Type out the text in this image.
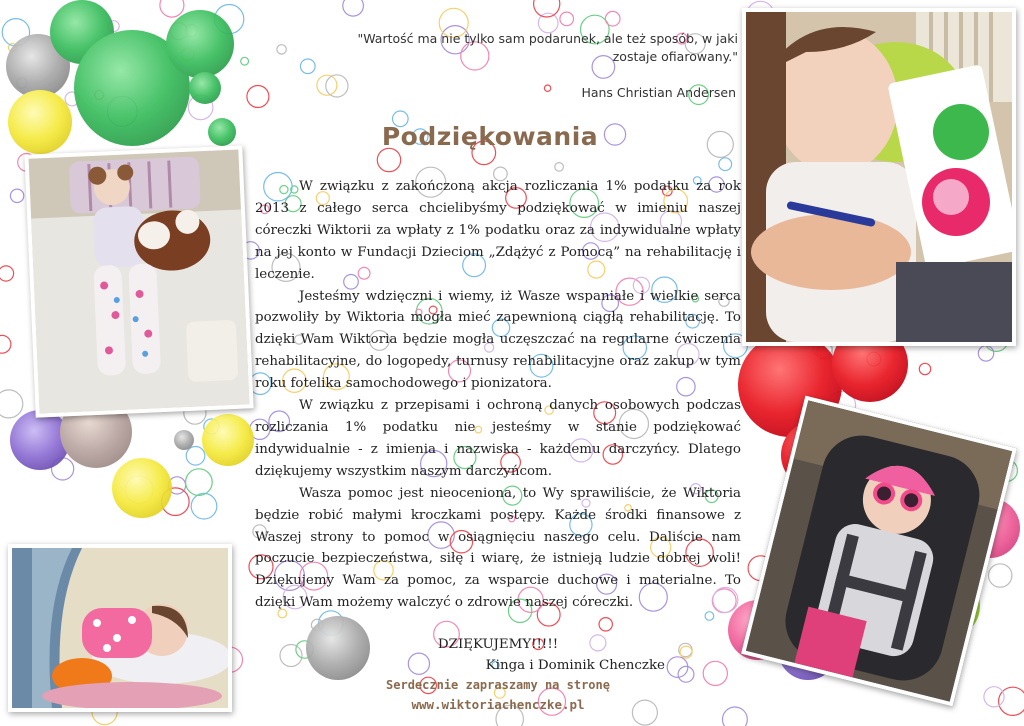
"Wartość ma nie tylko sam podarunek, ale też sposób, w jaki
zostaje ofiarowany."
Hans Christian Andersen
Podziękowania

W związku z zakończoną akcja rozliczania 1% podatku za rok 2013 z całego serca chcielibyśmy podziękować w imieniu naszej córeczki Wiktorii za wpłaty z 1% podatku oraz za indywidualne wpłaty na jej konto w Fundacji Dzieciom „Zdążyć z Pomocą” na rehabilitację i leczenie.

Jesteśmy wdzięczni i wiemy, iż Wasze wspaniałe i wielkie serca pozwoliły by Wiktoria mogła mieć zapewnioną ciągłą rehabilitację. To dzięki Wam Wiktoria będzie mogła uczęszczać na regularne ćwiczenia rehabilitacyjne, do logopedy, turnusy rehabilitacyjne oraz zakup w tym roku fotelika samochodowego i pionizatora.

W związku z przepisami i ochroną danych osobowych podczas rozliczania 1% podatku nie jesteśmy w stanie podziękować indywidualnie - z imienia i nazwiska - każdemu darczyńcy. Dlatego dziękujemy wszystkim naszym darczyńcom.

Wasza pomoc jest nieoceniona, to Wy sprawiliście, że Wiktoria będzie robić małymi kroczkami postępy. Każde środki finansowe z Waszej strony to pomoc w osiągnięciu naszego celu. Daliście nam poczucie bezpieczeństwa, siłę i wiarę, że istnieją ludzie dobrej woli! Dziękujemy Wam za pomoc, za wsparcie duchowe i materialne. To dzięki Wam możemy walczyć o zdrowie naszej córeczki.

DZIĘKUJEMY!!!!!
Kinga i Dominik Chenczke
Serdecznie zapraszamy na stronę
www.wiktoriachenczke.pl
